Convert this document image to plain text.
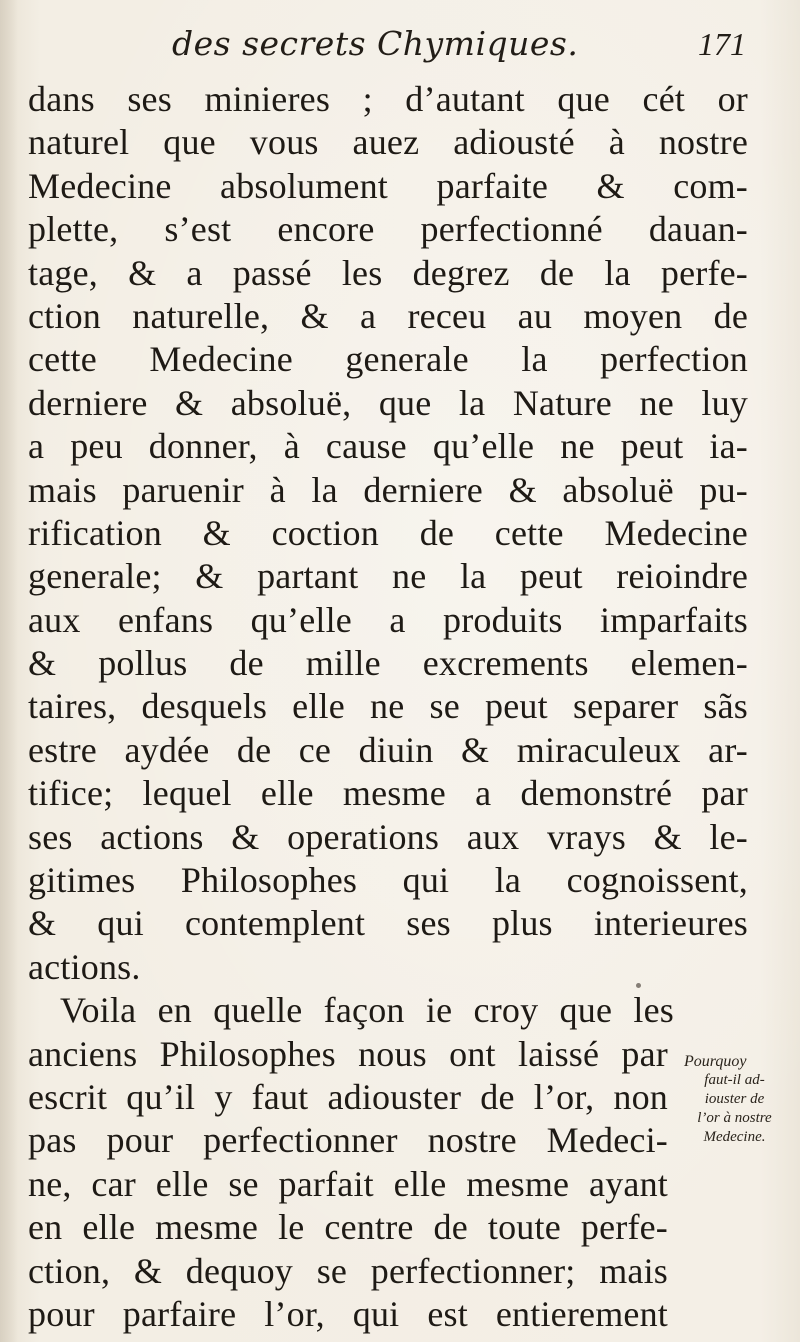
des secrets Chymiques.	171
dans ses minieres ; d’autant que cét or
naturel que vous auez adiousté à nostre
Medecine absolument parfaite & com-
plette, s’est encore perfectionné dauan-
tage, & a passé les degrez de la perfe-
ction naturelle, & a receu au moyen de
cette Medecine generale la perfection
derniere & absoluë, que la Nature ne luy
a peu donner, à cause qu’elle ne peut ia-
mais paruenir à la derniere & absoluë pu-
rification & coction de cette Medecine
generale; & partant ne la peut reioindre
aux enfans qu’elle a produits imparfaits
& pollus de mille excrements elemen-
taires, desquels elle ne se peut separer sãs
estre aydée de ce diuin & miraculeux ar-
tifice; lequel elle mesme a demonstré par
ses actions & operations aux vrays & le-
gitimes Philosophes qui la cognoissent,
& qui contemplent ses plus interieures
actions.
Voila en quelle façon ie croy que les
anciens Philosophes nous ont laissé par
escrit qu’il y faut adiouster de l’or, non
pas pour perfectionner nostre Medeci-
ne, car elle se parfait elle mesme ayant
en elle mesme le centre de toute perfe-
ction, & dequoy se perfectionner; mais
pour parfaire l’or, qui est entierement
Pourquoy
faut-il ad-
iouster de
l’or à nostre
Medecine.
